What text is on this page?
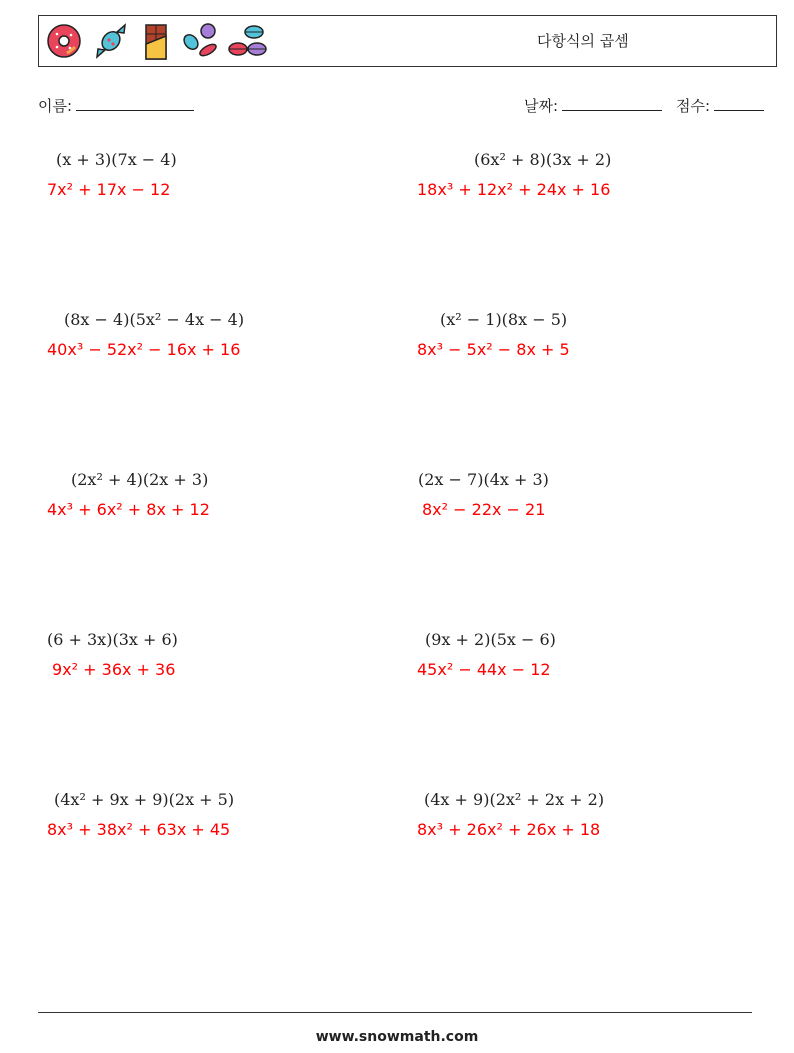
다항식의 곱셈
이름:	날짜:	점수:
(x + 3)(7x − 4)
7x² + 17x − 12
(6x² + 8)(3x + 2)
18x³ + 12x² + 24x + 16
(8x − 4)(5x² − 4x − 4)
40x³ − 52x² − 16x + 16
(x² − 1)(8x − 5)
8x³ − 5x² − 8x + 5
(2x² + 4)(2x + 3)
4x³ + 6x² + 8x + 12
(2x − 7)(4x + 3)
8x² − 22x − 21
(6 + 3x)(3x + 6)
9x² + 36x + 36
(9x + 2)(5x − 6)
45x² − 44x − 12
(4x² + 9x + 9)(2x + 5)
8x³ + 38x² + 63x + 45
(4x + 9)(2x² + 2x + 2)
8x³ + 26x² + 26x + 18
www.snowmath.com
